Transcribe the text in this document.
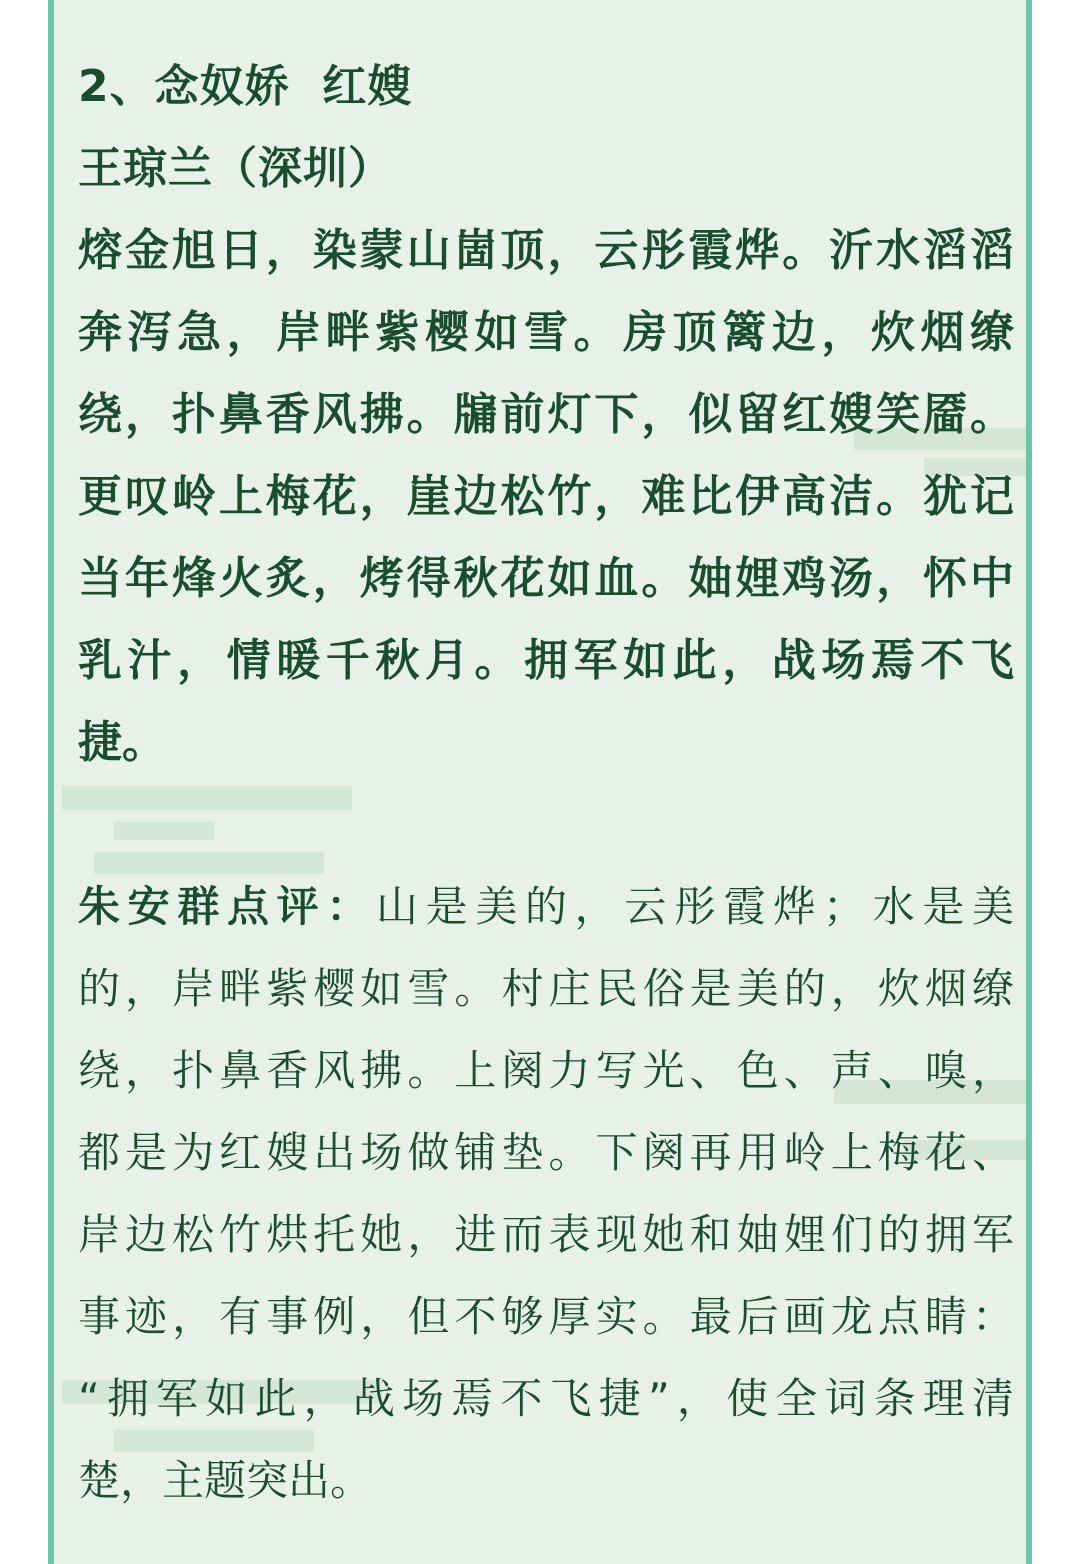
2、念奴娇  红嫂
王琼兰（深圳）

熔金旭日，染蒙山崮顶，云彤霞烨。沂水滔滔

奔泻急，岸畔紫樱如雪。房顶篱边，炊烟缭

绕，扑鼻香风拂。牖前灯下，似留红嫂笑靥。

更叹岭上梅花，崖边松竹，难比伊高洁。犹记

当年烽火炙，烤得秋花如血。妯娌鸡汤，怀中

乳汁，情暖千秋月。拥军如此，战场焉不飞

捷。

朱安群点评：山是美的，云彤霞烨；水是美

的，岸畔紫樱如雪。村庄民俗是美的，炊烟缭

绕，扑鼻香风拂。上阕力写光、色、声、嗅，

都是为红嫂出场做铺垫。下阕再用岭上梅花、

岸边松竹烘托她，进而表现她和妯娌们的拥军

事迹，有事例，但不够厚实。最后画龙点睛：

“拥军如此，战场焉不飞捷”，使全词条理清

楚，主题突出。
